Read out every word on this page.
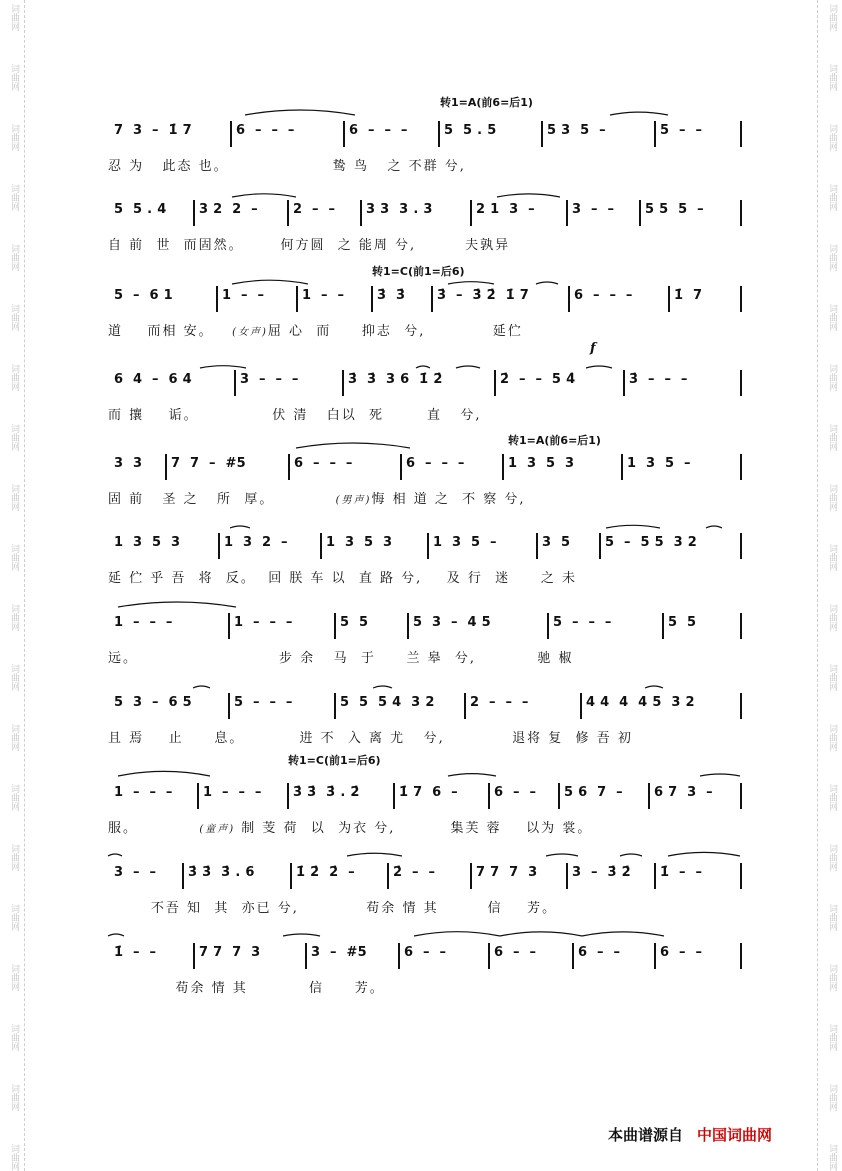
词曲网
词曲网
词曲网
词曲网
词曲网
词曲网
词曲网
词曲网
词曲网
词曲网
词曲网
词曲网
词曲网
词曲网
词曲网
词曲网
词曲网
词曲网
词曲网
词曲网
词曲网
词曲网
词曲网
词曲网
词曲网
词曲网
词曲网
词曲网
词曲网
词曲网
词曲网
词曲网
词曲网
词曲网
词曲网
词曲网
词曲网
词曲网
词曲网
词曲网
转1=A(前6=后1)
转1=C(前1=后6)
转1=A(前6=后1)
转1=C(前1=后6)
f
7  3  –  1̇ 7	6  –  –  –	6  –  –  –	5  5 . 5	5 3  5  –	5  –  –
忍 为   此态 也。                 鸷 鸟   之 不群 兮,
5  5 . 4	3 2  2  –	2  –  –	3 3  3 . 3	2 1  3  –	3  –  –	5 5  5  –
自 前  世  而固然。      何方圆  之 能周 兮,        夫孰异
5  –  6 1	1  –  –	1  –  –	3̇  3̇	3̇  –  3̇ 2̇  1̇ 7	6  –  –  –	1̇  7
道    而相 安。   (女声)屈 心  而     抑志  兮,           延伫
6  4  –  6 4	3  –  –  –	3̇  3̇  3 6  1̇ 2̇	2̇  –  –  5 4̇	3̇  –  –  –
而 攘    诟。            伏 清   白以  死       直   兮,
3  3	7  7  –  #5	6  –  –  –	6  –  –  –	1  3  5  3	1  3  5  –
固 前   圣 之   所  厚。          (男声)悔 相 道 之  不 察 兮,
1  3  5  3	1  3  2  –	1  3  5  3	1  3  5  –	3  5	5  –  5 5  3 2
延 伫 乎 吾  将  反。  回 朕 车 以  直 路 兮,    及 行  迷     之 未
1  –  –  –	1  –  –  –	5  5	5  3  –  4 5	5  –  –  –	5  5
远。                       步 余   马  于     兰 皋  兮,          驰 椒
5  3  –  6 5	5  –  –  –	5  5  5 4  3 2	2  –  –  –	4 4  4  4 5  3 2
且 焉    止     息。         进 不  入 离 尤   兮,           退将 复  修 吾 初
1  –  –  –	1  –  –  –	3̇ 3̇  3̇ . 2̇	1̇ 7  6  –	6  –  –	5 6  7  –	6 7  3  –
服。          (童声) 制 芰 荷  以  为衣 兮,         集芙 蓉    以为 裳。
3  –  –	3̇ 3̇  3̇ . 6	1̇ 2̇  2̇  –	2̇  –  –	7 7  7  3	3  –  3̇ 2̇	1̇  –  –
不吾 知  其  亦已 兮,           苟余 情 其        信    芳。
1̇  –  –	7 7  7  3	3  –  #5	6  –  –	6  –  –	6  –  –	6  –  –
苟余 情 其          信     芳。
本曲谱源自 中国词曲网
